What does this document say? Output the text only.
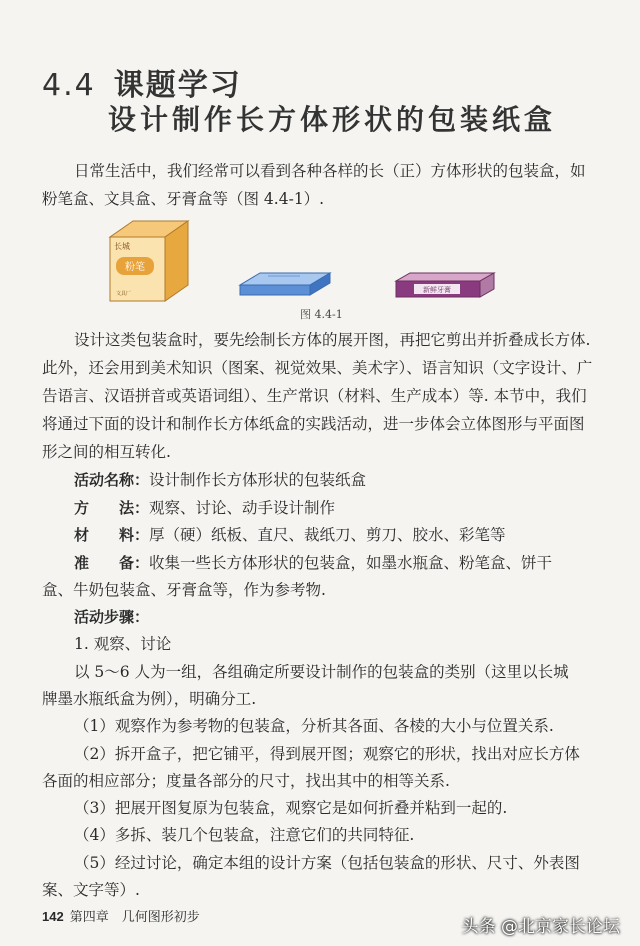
4.4 课题学习
设计制作长方体形状的包装纸盒
日常生活中，我们经常可以看到各种各样的长（正）方体形状的包装盒，如粉笔盒、文具盒、牙膏盒等（图 4.4-1）.
粉笔
长城
文具厂	新鲜牙膏
图 4.4-1
设计这类包装盒时，要先绘制长方体的展开图，再把它剪出并折叠成长方体. 此外，还会用到美术知识（图案、视觉效果、美术字）、语言知识（文字设计、广告语言、汉语拼音或英语词组）、生产常识（材料、生产成本）等. 本节中，我们将通过下面的设计和制作长方体纸盒的实践活动，进一步体会立体图形与平面图形之间的相互转化.
活动名称：设计制作长方体形状的包装纸盒
方　　法：观察、讨论、动手设计制作
材　　料：厚（硬）纸板、直尺、裁纸刀、剪刀、胶水、彩笔等
准　　备：收集一些长方体形状的包装盒，如墨水瓶盒、粉笔盒、饼干
盒、牛奶包装盒、牙膏盒等，作为参考物.
活动步骤：
1. 观察、讨论
以 5～6 人为一组，各组确定所要设计制作的包装盒的类别（这里以长城
牌墨水瓶纸盒为例），明确分工.
（1）观察作为参考物的包装盒，分析其各面、各棱的大小与位置关系.
（2）拆开盒子，把它铺平，得到展开图；观察它的形状，找出对应长方体
各面的相应部分；度量各部分的尺寸，找出其中的相等关系.
（3）把展开图复原为包装盒，观察它是如何折叠并粘到一起的.
（4）多拆、装几个包装盒，注意它们的共同特征.
（5）经过讨论，确定本组的设计方案（包括包装盒的形状、尺寸、外表图
案、文字等）.
142 第四章　几何图形初步	头条 @北京家长论坛
